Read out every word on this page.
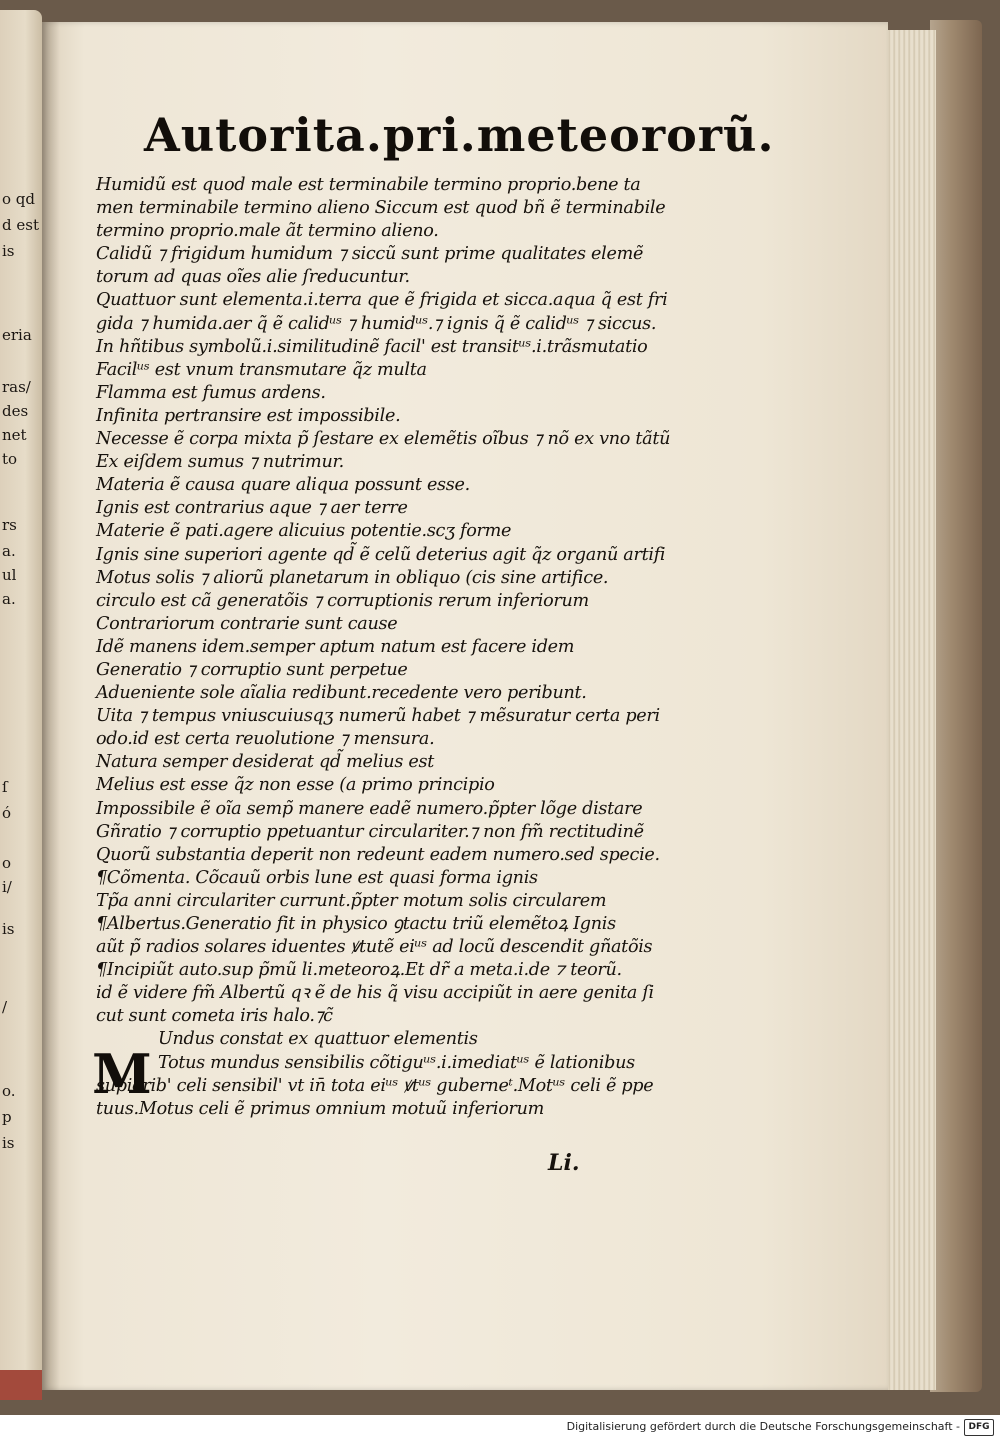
o qd
d est
is
eria
ras/
des
net
to
rs
a.
ul
a.
ſ
ó
o
i/
is
/
o.
p
is
Autorita.pri.meteororũ.
Humidũ est quod male est terminabile termino proprio.bene ta
men terminabile termino alieno Siccum est quod bñ ẽ terminabile
termino proprio.male ãt termino alieno.
Calidũ ⁊ frigidum humidum ⁊ siccũ sunt prime qualitates elemẽ
torum ad quas oĩes alie ſreducuntur.
Quattuor sunt elementa.i.terra que ẽ frigida et sicca.aqua q̃ est fri
gida ⁊ humida.aer q̃ ẽ calidᵘˢ ⁊ humidᵘˢ.⁊ ignis q̃ ẽ calidᵘˢ ⁊ siccus.
In hñtibus symbolũ.i.similitudinẽ facil' est transitᵘˢ.i.trãsmutatio
Facilᵘˢ est vnum transmutare q̃z multa
Flamma est fumus ardens.
Infinita pertransire est impossibile.
Necesse ẽ corpa mixta p̃ ſestare ex elemẽtis oĩbus ⁊ nõ ex vno tãtũ
Ex eiſdem sumus ⁊ nutrimur.
Materia ẽ causa quare aliqua possunt esse.
Ignis est contrarius aque ⁊ aer terre
Materie ẽ pati.agere alicuius potentie.scʒ forme
Ignis sine superiori agente qd̃ ẽ celũ deterius agit q̃z organũ artifi
Motus solis ⁊ aliorũ planetarum in obliquo (cis sine artifice.
circulo est cã generatõis ⁊ corruptionis rerum inferiorum
Contrariorum contrarie sunt cause
Idẽ manens idem.semper aptum natum est facere idem
Generatio ⁊ corruptio sunt perpetue
Adueniente sole aĩalia redibunt.recedente vero peribunt.
Uita ⁊ tempus vniuscuiusqʒ numerũ habet ⁊ mẽsuratur certa peri
odo.id est certa reuolutione ⁊ mensura.
Natura semper desiderat qd̃ melius est
Melius est esse q̃z non esse (a primo principio
Impossibile ẽ oĩa semp̃ manere eadẽ numero.p̃pter lõge distare
Gñratio ⁊ corruptio ppetuantur circulariter.⁊ non fm̃ rectitudinẽ
Quorũ substantia deperit non redeunt eadem numero.sed specie.
¶Cõmenta. Cõcauũ orbis lune est quasi forma ignis
Tp̃a anni circulariter currunt.p̃pter motum solis circularem
¶Albertus.Generatio fit in physico ꝯtactu triũ elemẽtoꝝ Ignis
aũt p̃ radios solares iduentes ꝟtutẽ eiᵘˢ ad locũ descendit gñatõis
¶Incipiũt auto.sup p̃mũ li.meteoroꝝ.Et dr̃ a meta.i.de ⁊ teorũ.
id ẽ videre fm̃ Albertũ qꝛ ẽ de his q̃ visu accipiũt in aere genita ſi
cut sunt cometa iris halo.⁊c̃
Undus constat ex quattuor elementis
Totus mundus sensibilis cõtiguᵘˢ.i.imediatᵘˢ ẽ lationibus
supiorib' celi sensibil' vt in̄ tota eiᵘˢ ꝟtᵘˢ guberneᵗ.Motᵘˢ celi ẽ ppe
tuus.Motus celi ẽ primus omnium motuũ inferiorum
M
Li.
Digitalisierung gefördert durch die Deutsche Forschungsgemeinschaft - DFG
